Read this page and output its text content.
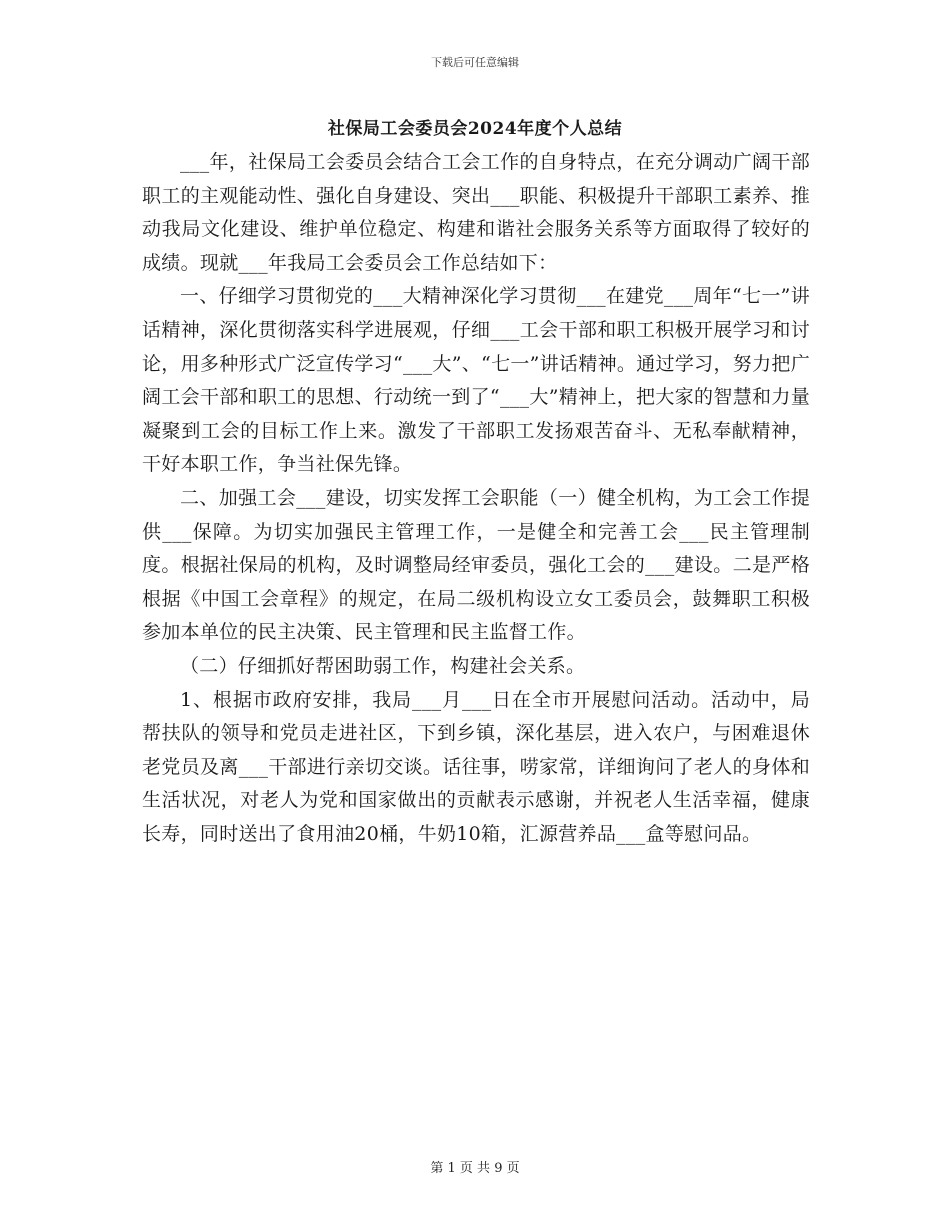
下载后可任意编辑
社保局工会委员会2024年度个人总结

___年，社保局工会委员会结合工会工作的自身特点，在充分调动广阔干部职工的主观能动性、强化自身建设、突出___职能、积极提升干部职工素养、推动我局文化建设、维护单位稳定、构建和谐社会服务关系等方面取得了较好的成绩。现就___年我局工会委员会工作总结如下：

一、仔细学习贯彻党的___大精神深化学习贯彻___在建党___周年“七一”讲话精神，深化贯彻落实科学进展观，仔细___工会干部和职工积极开展学习和讨论，用多种形式广泛宣传学习“___大”、“七一”讲话精神。通过学习，努力把广阔工会干部和职工的思想、行动统一到了“___大”精神上，把大家的智慧和力量凝聚到工会的目标工作上来。激发了干部职工发扬艰苦奋斗、无私奉献精神，干好本职工作，争当社保先锋。

二、加强工会___建设，切实发挥工会职能（一）健全机构，为工会工作提供___保障。为切实加强民主管理工作，一是健全和完善工会___民主管理制度。根据社保局的机构，及时调整局经审委员，强化工会的___建设。二是严格根据《中国工会章程》的规定，在局二级机构设立女工委员会，鼓舞职工积极参加本单位的民主决策、民主管理和民主监督工作。

（二）仔细抓好帮困助弱工作，构建社会关系。

1、根据市政府安排，我局___月___日在全市开展慰问活动。活动中，局帮扶队的领导和党员走进社区，下到乡镇，深化基层，进入农户，与困难退休老党员及离___干部进行亲切交谈。话往事，唠家常，详细询问了老人的身体和生活状况，对老人为党和国家做出的贡献表示感谢，并祝老人生活幸福，健康长寿，同时送出了食用油20桶，牛奶10箱，汇源营养品___盒等慰问品。

第 1 页 共 9 页
